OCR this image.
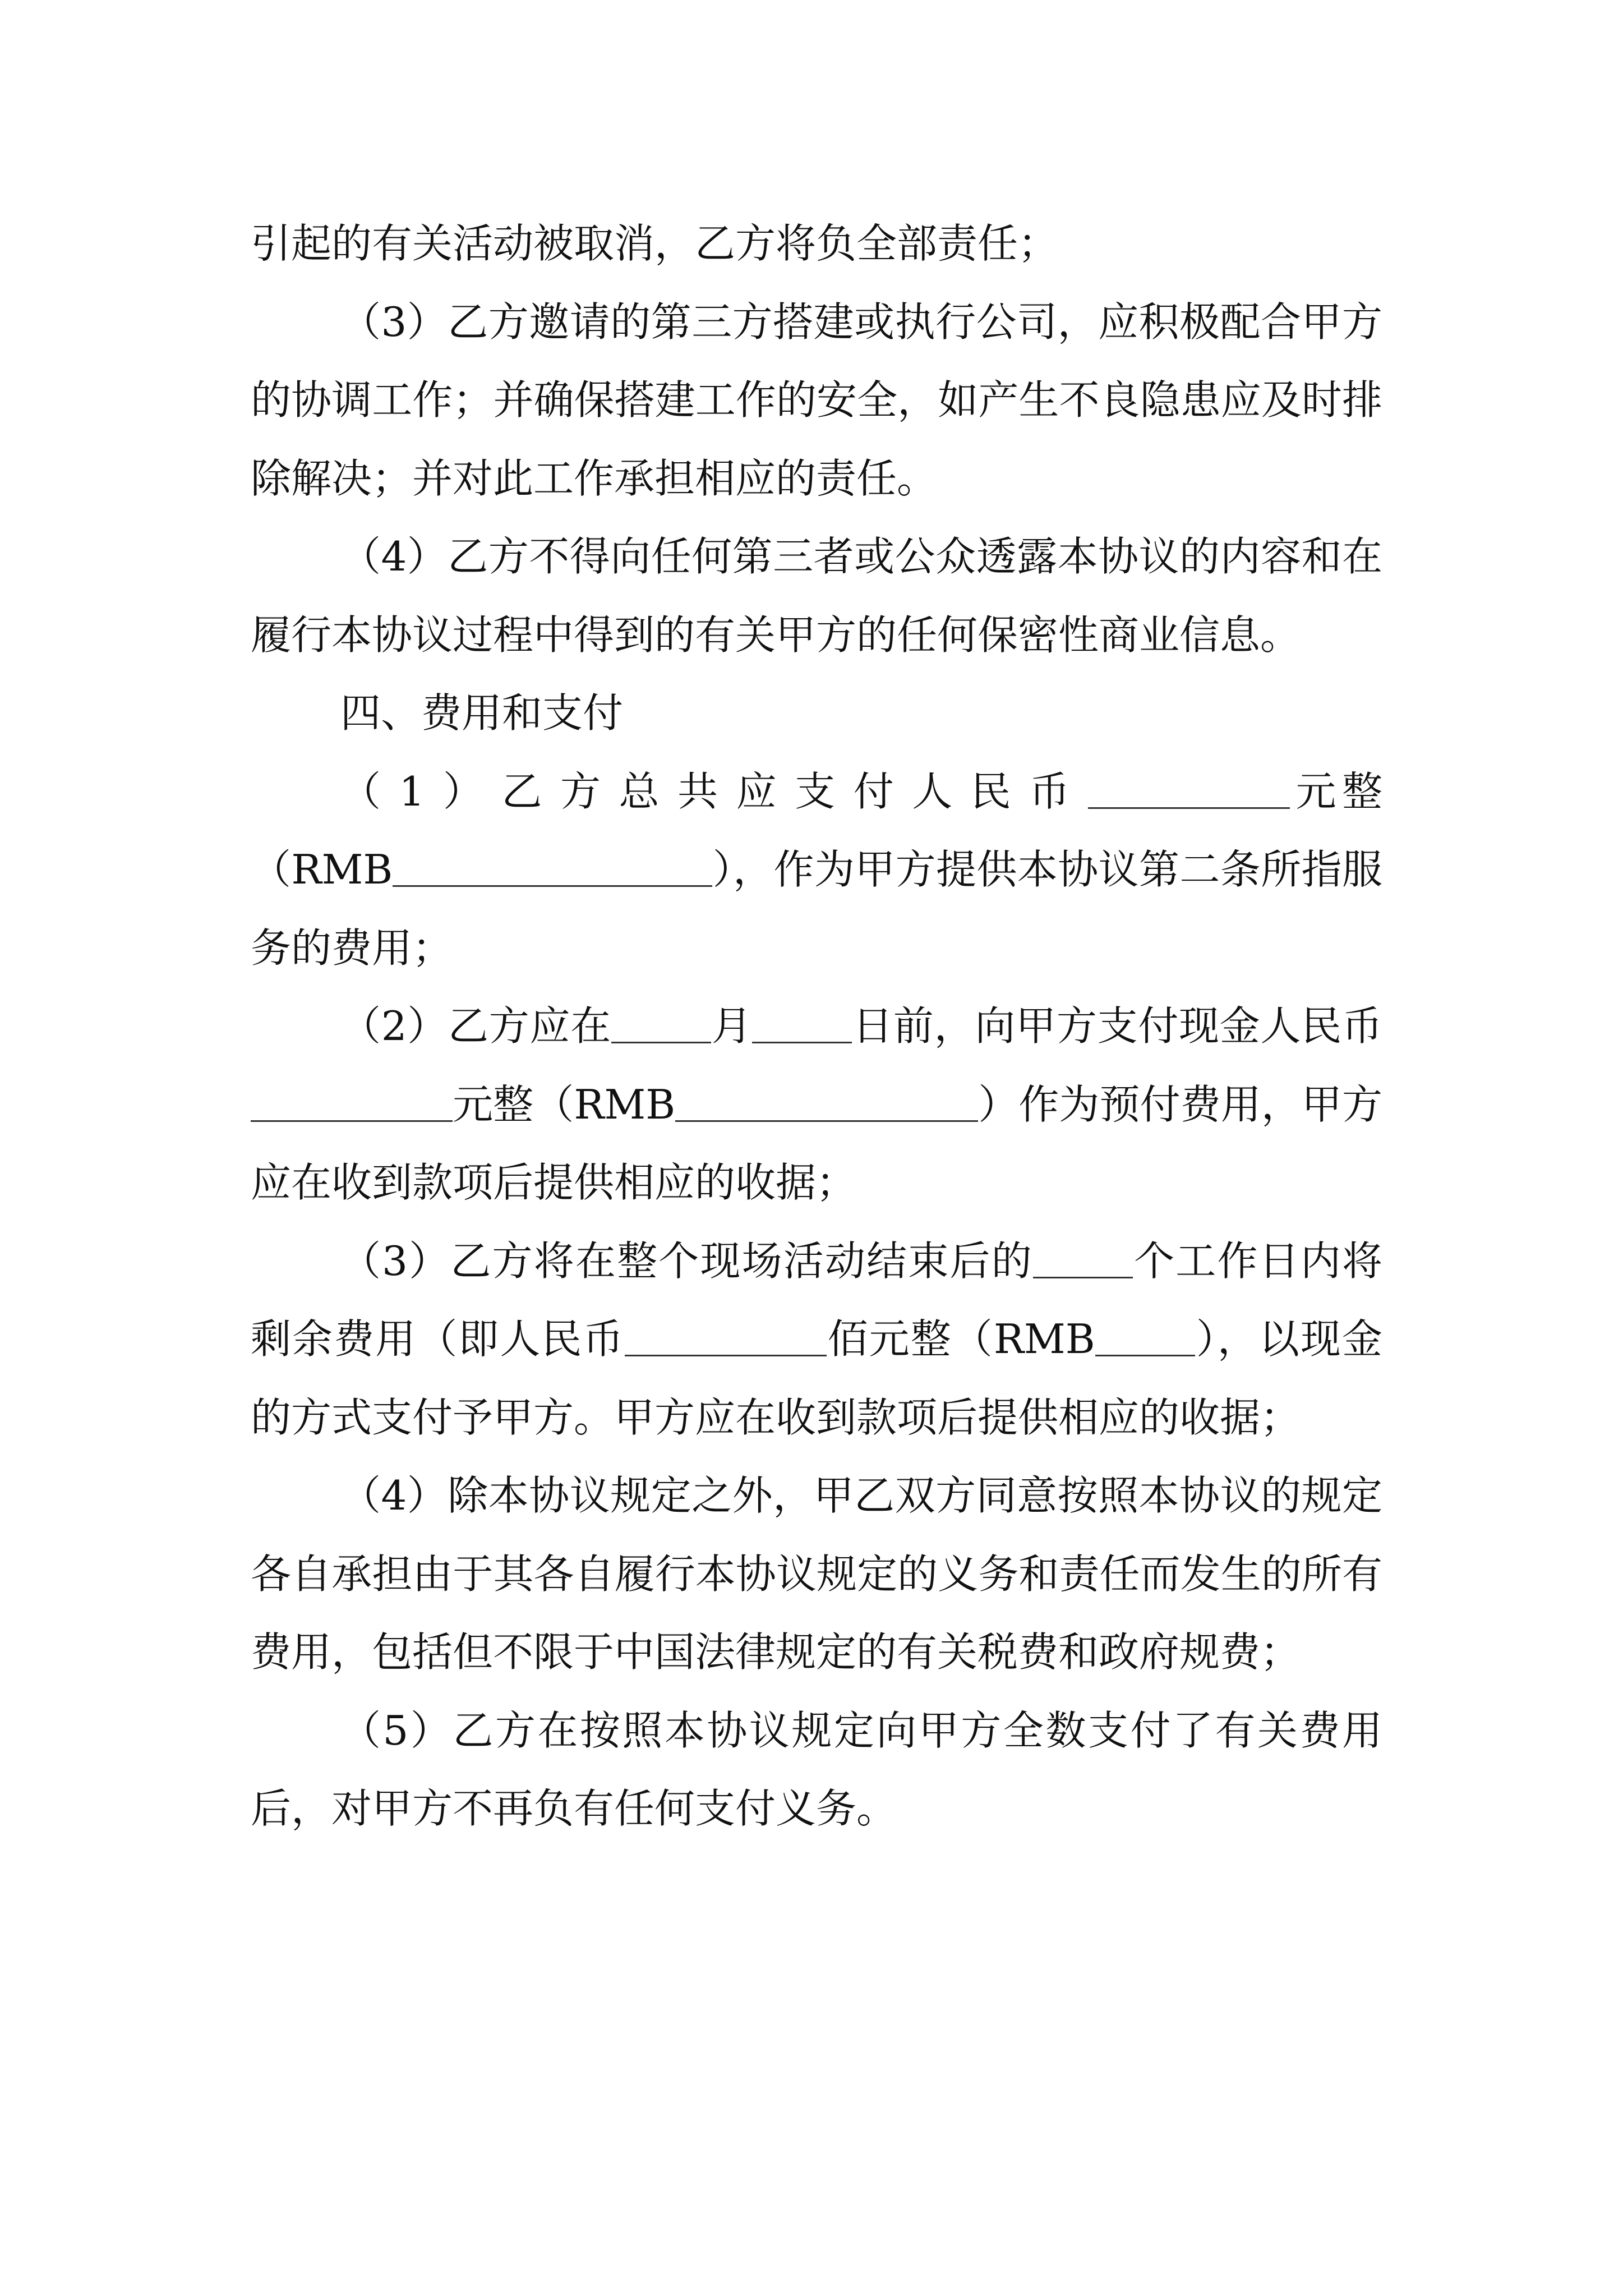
引起的有关活动被取消，乙方将负全部责任；

（3）乙方邀请的第三方搭建或执行公司，应积极配合甲方的协调工作；并确保搭建工作的安全，如产生不良隐患应及时排除解决；并对此工作承担相应的责任。

（4）乙方不得向任何第三者或公众透露本协议的内容和在履行本协议过程中得到的有关甲方的任何保密性商业信息。

四、费用和支付

（1）乙方总共应支付人民币	元整（RMB	），作为甲方提供本协议第二条所指服务的费用；

（2）乙方应在 月 日前，向甲方支付现金人民币元整（RMB	）作为预付费用，甲方应在收到款项后提供相应的收据；

（3）乙方将在整个现场活动结束后的 个工作日内将剩余费用（即人民币	佰元整（RMB ），以现金的方式支付予甲方。甲方应在收到款项后提供相应的收据；

（4）除本协议规定之外，甲乙双方同意按照本协议的规定各自承担由于其各自履行本协议规定的义务和责任而发生的所有费用，包括但不限于中国法律规定的有关税费和政府规费；

（5）乙方在按照本协议规定向甲方全数支付了有关费用后，对甲方不再负有任何支付义务。
